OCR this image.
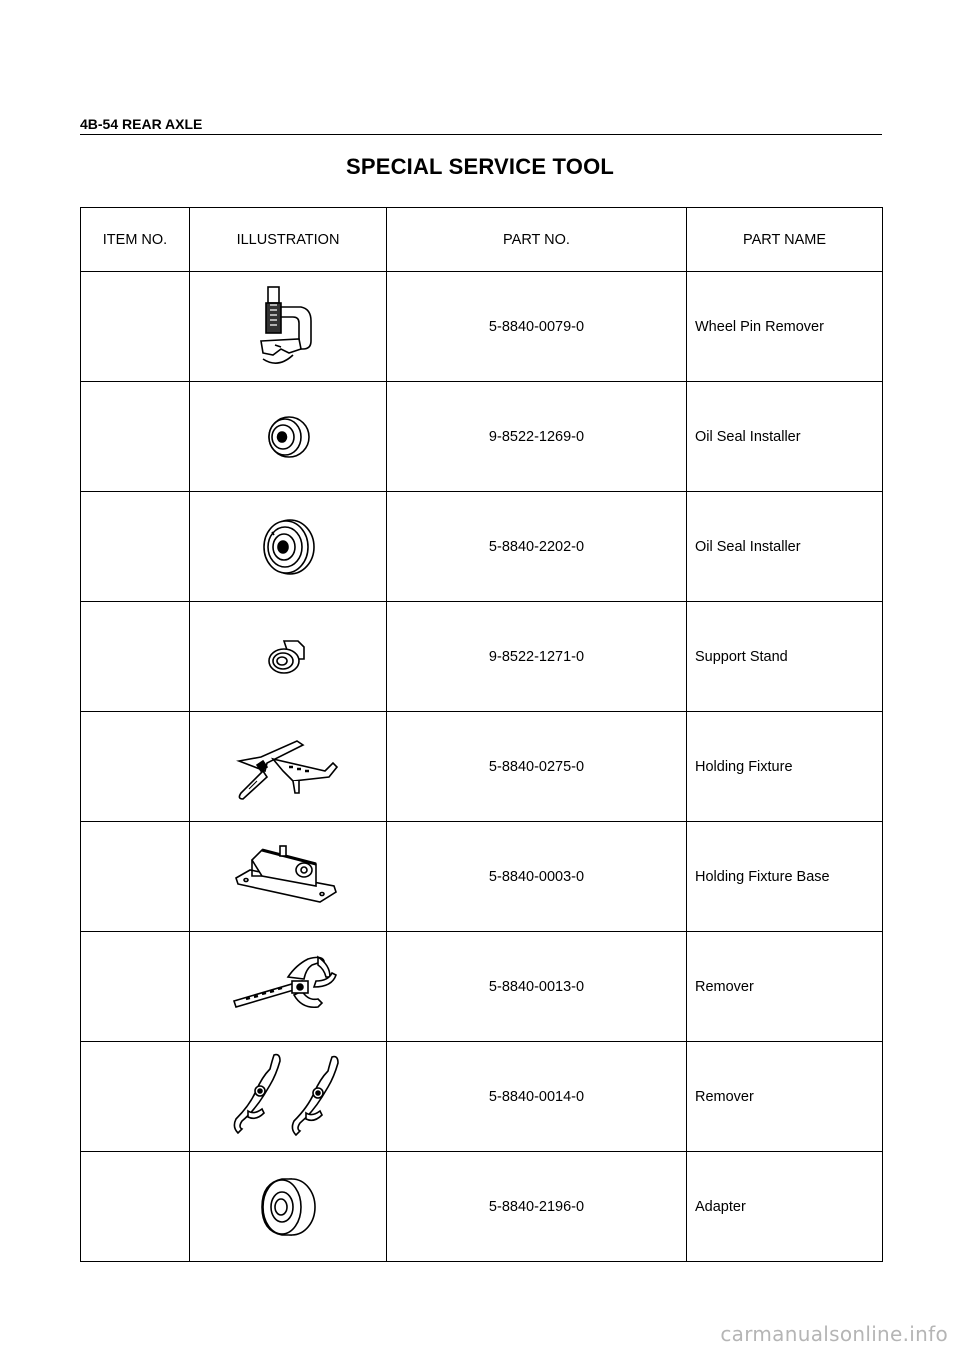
4B-54 REAR AXLE
SPECIAL SERVICE TOOL
ITEM NO.	ILLUSTRATION	PART NO.	PART NAME

	5-8840-0079-0	Wheel Pin Remover

	9-8522-1269-0	Oil Seal Installer

	5-8840-2202-0	Oil Seal Installer

	9-8522-1271-0	Support Stand

	5-8840-0275-0	Holding Fixture

	5-8840-0003-0	Holding Fixture Base

	5-8840-0013-0	Remover

	5-8840-0014-0	Remover

	5-8840-2196-0	Adapter
carmanualsonline.info
